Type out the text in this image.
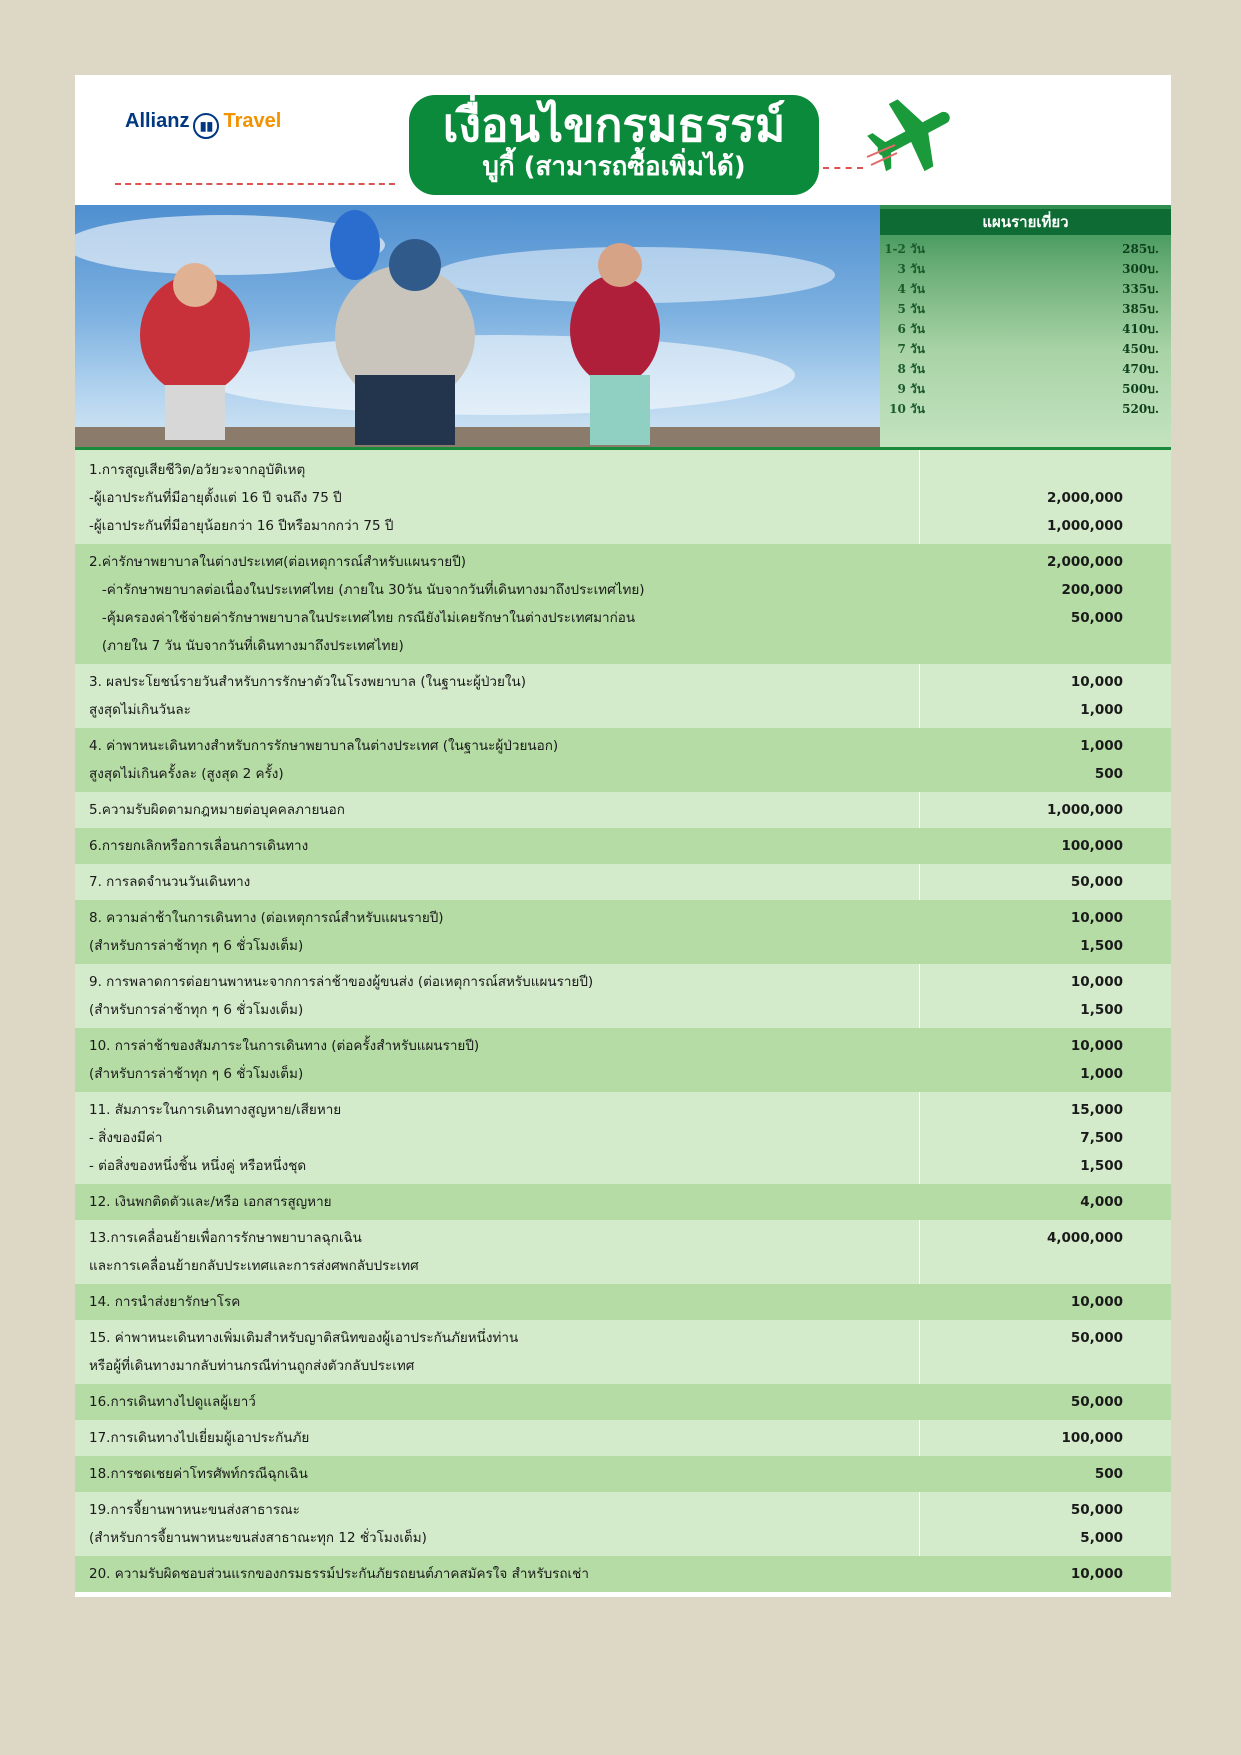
Allianz ▮▮ Travel	เงื่อนไขกรมธรรม์
บูกี้ (สามารถซื้อเพิ่มได้)
แผนรายเที่ยว
1-2 วัน	285บ.
3 วัน	300บ.
4 วัน	335บ.
5 วัน	385บ.
6 วัน	410บ.
7 วัน	450บ.
8 วัน	470บ.
9 วัน	500บ.
10 วัน	520บ.
1.การสูญเสียชีวิต/อวัยวะจากอุบัติเหตุ
-ผู้เอาประกันที่มีอายุตั้งแต่ 16 ปี จนถึง 75 ปี	2,000,000
-ผู้เอาประกันที่มีอายุน้อยกว่า 16 ปีหรือมากกว่า 75 ปี	1,000,000
2.ค่ารักษาพยาบาลในต่างประเทศ(ต่อเหตุการณ์สำหรับแผนรายปี)	2,000,000
-ค่ารักษาพยาบาลต่อเนื่องในประเทศไทย (ภายใน 30วัน นับจากวันที่เดินทางมาถึงประเทศไทย)	200,000
-คุ้มครองค่าใช้จ่ายค่ารักษาพยาบาลในประเทศไทย กรณียังไม่เคยรักษาในต่างประเทศมาก่อน	50,000
(ภายใน 7 วัน นับจากวันที่เดินทางมาถึงประเทศไทย)
3. ผลประโยชน์รายวันสำหรับการรักษาตัวในโรงพยาบาล (ในฐานะผู้ป่วยใน)	10,000
สูงสุดไม่เกินวันละ	1,000
4. ค่าพาหนะเดินทางสำหรับการรักษาพยาบาลในต่างประเทศ (ในฐานะผู้ป่วยนอก)	1,000
สูงสุดไม่เกินครั้งละ (สูงสุด 2 ครั้ง)	500
5.ความรับผิดตามกฎหมายต่อบุคคลภายนอก	1,000,000
6.การยกเลิกหรือการเลื่อนการเดินทาง	100,000
7. การลดจำนวนวันเดินทาง	50,000
8. ความล่าช้าในการเดินทาง (ต่อเหตุการณ์สำหรับแผนรายปี)	10,000
(สำหรับการล่าช้าทุก ๆ 6 ชั่วโมงเต็ม)	1,500
9. การพลาดการต่อยานพาหนะจากการล่าช้าของผู้ขนส่ง (ต่อเหตุการณ์สหรับแผนรายปี)	10,000
(สำหรับการล่าช้าทุก ๆ 6 ชั่วโมงเต็ม)	1,500
10. การล่าช้าของสัมภาระในการเดินทาง (ต่อครั้งสำหรับแผนรายปี)	10,000
(สำหรับการล่าช้าทุก ๆ 6 ชั่วโมงเต็ม)	1,000
11. สัมภาระในการเดินทางสูญหาย/เสียหาย	15,000
- สิ่งของมีค่า	7,500
- ต่อสิ่งของหนึ่งชิ้น หนึ่งคู่ หรือหนึ่งชุด	1,500
12. เงินพกติดตัวและ/หรือ เอกสารสูญหาย	4,000
13.การเคลื่อนย้ายเพื่อการรักษาพยาบาลฉุกเฉิน	4,000,000
และการเคลื่อนย้ายกลับประเทศและการส่งศพกลับประเทศ
14. การนำส่งยารักษาโรค	10,000
15. ค่าพาหนะเดินทางเพิ่มเติมสำหรับญาติสนิทของผู้เอาประกันภัยหนึ่งท่าน	50,000
หรือผู้ที่เดินทางมากลับท่านกรณีท่านถูกส่งตัวกลับประเทศ
16.การเดินทางไปดูแลผู้เยาว์	50,000
17.การเดินทางไปเยี่ยมผู้เอาประกันภัย	100,000
18.การชดเชยค่าโทรศัพท์กรณีฉุกเฉิน	500
19.การจี้ยานพาหนะขนส่งสาธารณะ	50,000
(สำหรับการจี้ยานพาหนะขนส่งสาธาณะทุก 12 ชั่วโมงเต็ม)	5,000
20. ความรับผิดชอบส่วนแรกของกรมธรรม์ประกันภัยรถยนต์ภาคสมัครใจ สำหรับรถเช่า	10,000
